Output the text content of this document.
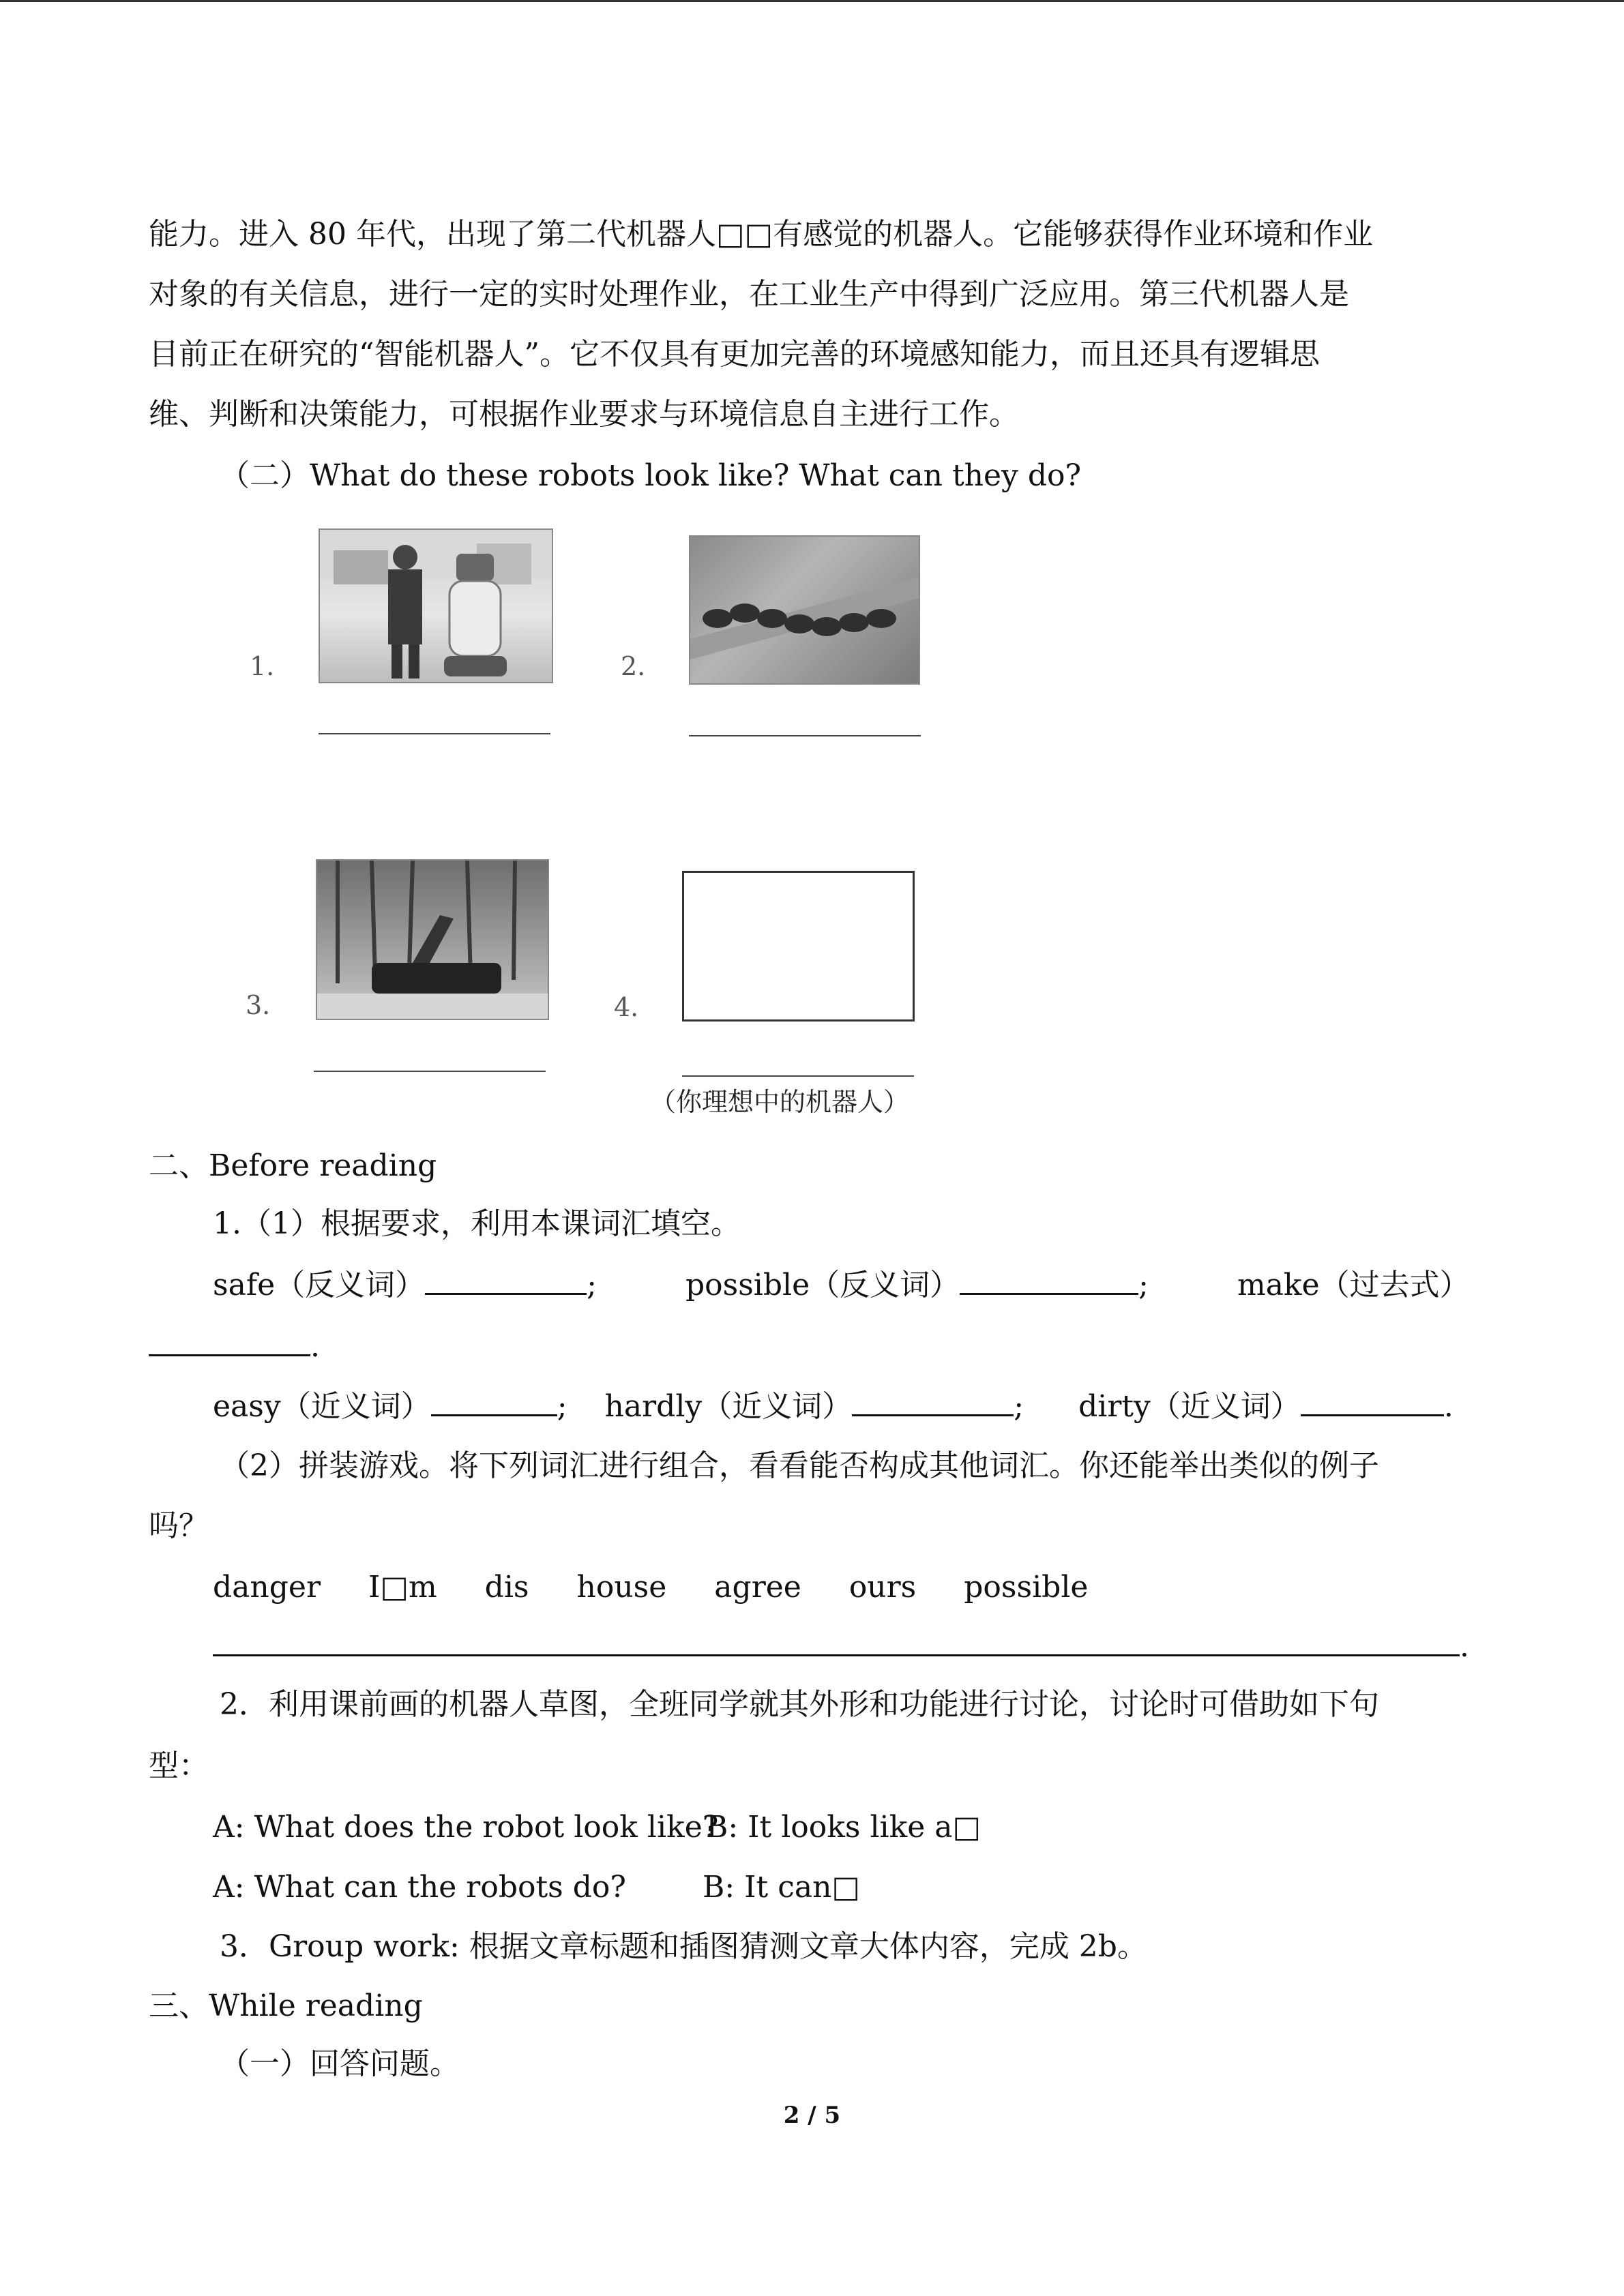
能力。进入 80 年代，出现了第二代机器人□□有感觉的机器人。它能够获得作业环境和作业
对象的有关信息，进行一定的实时处理作业，在工业生产中得到广泛应用。第三代机器人是
目前正在研究的“智能机器人”。它不仅具有更加完善的环境感知能力，而且还具有逻辑思
维、判断和决策能力，可根据作业要求与环境信息自主进行工作。
（二）What do these robots look like? What can they do?
1.	2.
3.	4.
（你理想中的机器人）
二、Before reading
1.（1）根据要求，利用本课词汇填空。
safe（反义词）	;	possible（反义词）	;	make（过去式）
.
easy（近义词）	; hardly（近义词）	; dirty（近义词）	.
（2）拼装游戏。将下列词汇进行组合，看看能否构成其他词汇。你还能举出类似的例子
吗？
danger I□m dis house agree ours possible
.
2．利用课前画的机器人草图，全班同学就其外形和功能进行讨论，讨论时可借助如下句
型：
A: What does the robot look like?
B: It looks like a□
A: What can the robots do?	B: It can□
3．Group work: 根据文章标题和插图猜测文章大体内容，完成 2b。
三、While reading
（一）回答问题。
2 / 5
